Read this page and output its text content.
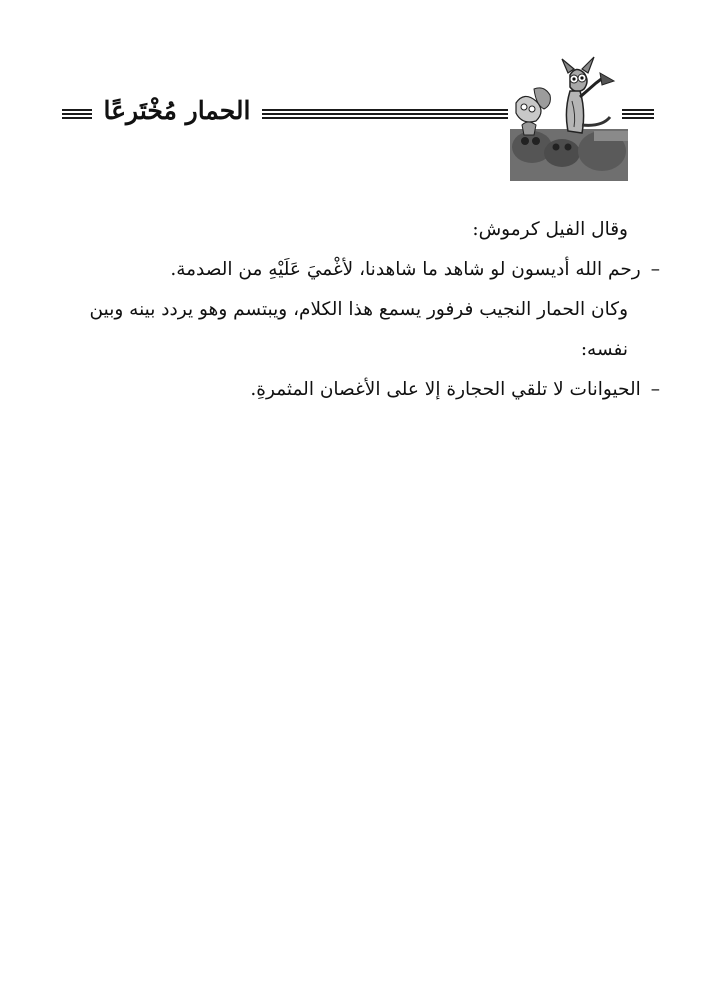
الحمار مُخْتَرعًا

وقال الفيل كرموش:

–رحم الله أديسون لو شاهد ما شاهدنا، لأغْميَ عَلَيْهِ من الصدمة.

وكان الحمار النجيب فرفور يسمع هذا الكلام، ويبتسم وهو يردد بينه وبين نفسه:

–الحيوانات لا تلقي الحجارة إلا على الأغصان المثمرةِ.
